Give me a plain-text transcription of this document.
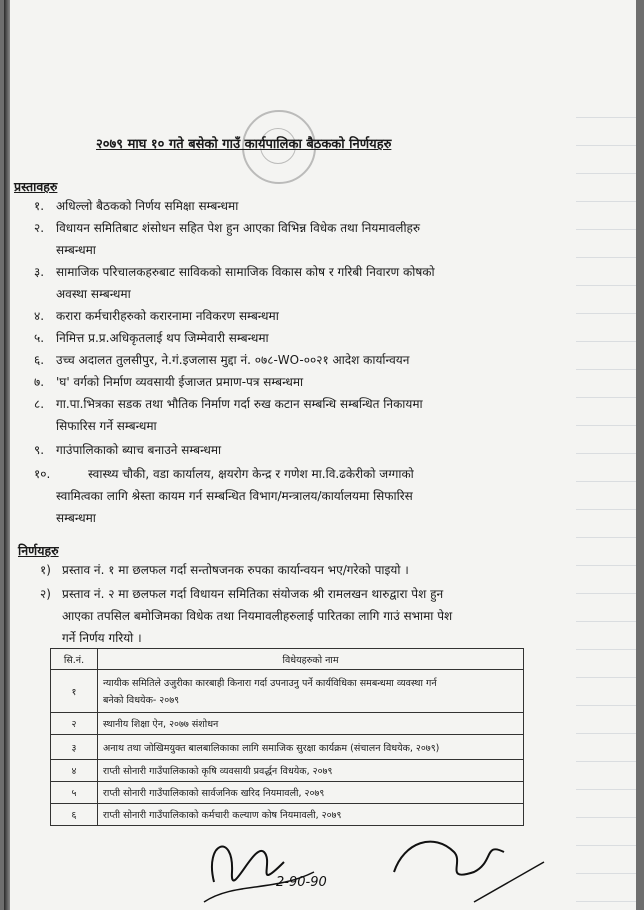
२०७९ माघ १० गते बसेको गाउँ कार्यपालिका बैठकको निर्णयहरु
प्रस्तावहरु
१. अधिल्लो बैठकको निर्णय समिक्षा सम्बन्धमा
२. विधायन समितिबाट शंसोधन सहित पेश हुन आएका विभिन्न विधेक तथा नियमावलीहरु
सम्बन्धमा
३. सामाजिक परिचालकहरुबाट साविकको सामाजिक विकास कोष र गरिबी निवारण कोषको
अवस्था सम्बन्धमा
४. करारा कर्मचारीहरुको करारनामा नविकरण सम्बन्धमा
५. निमित्त प्र.प्र.अधिकृतलाई थप जिम्मेवारी सम्बन्धमा
६. उच्च अदालत तुलसीपुर, ने.गं.इजलास मुद्दा नं. ०७८-WO-००२१ आदेश कार्यान्वयन
७. 'घ' वर्गको निर्माण व्यवसायी ईजाजत प्रमाण-पत्र सम्बन्धमा
८. गा.पा.भित्रका सडक तथा भौतिक निर्माण गर्दा रुख कटान सम्बन्धि सम्बन्धित निकायमा
सिफारिस गर्ने सम्बन्धमा
९. गाउंपालिकाको ब्याच बनाउने सम्बन्धमा
१०.	स्वास्थ्य चौकी, वडा कार्यालय, क्षयरोग केन्द्र र गणेश मा.वि.ढकेरीको जग्गाको
स्वामित्वका लागि श्रेस्ता कायम गर्न सम्बन्धित विभाग/मन्त्रालय/कार्यालयमा सिफारिस
सम्बन्धमा
निर्णयहरु
१) प्रस्ताव नं. १ मा छलफल गर्दा सन्तोषजनक रुपका कार्यान्वयन भए/गरेको पाइयो ।
२) प्रस्ताव नं. २ मा छलफल गर्दा विधायन समितिका संयोजक श्री रामलखन थारुद्वारा पेश हुन
आएका तपसिल बमोजिमका विधेक तथा नियमावलीहरुलाई पारितका लागि गाउं सभामा पेश
गर्ने निर्णय गरियो ।
सि.नं.	विधेयहरुको नाम
१	न्यायीक समितिले उजुरीका कारबाही किनारा गर्दा उपनाउनु पर्ने कार्यविधिका समबन्धमा व्यवस्था गर्न
बनेको विधयेक- २०७९

२	स्थानीय शिक्षा ऐन, २०७७ संशोधन
३	अनाथ तथा जोखिमयुक्त बालबालिकाका लागि समाजिक सुरक्षा कार्यक्रम (संचालन विधयेक, २०७९)
४	राप्ती सोनारी गाउँपालिकाको कृषि व्यवसायी प्रवर्द्धन विधयेक, २०७९
५	राप्ती सोनारी गाउँपालिकाको सार्वजनिक खरिद नियमावली, २०७९
६	राप्ती सोनारी गाउँपालिकाको कर्मचारी कल्याण कोष नियमावली, २०७९
2-90-90
